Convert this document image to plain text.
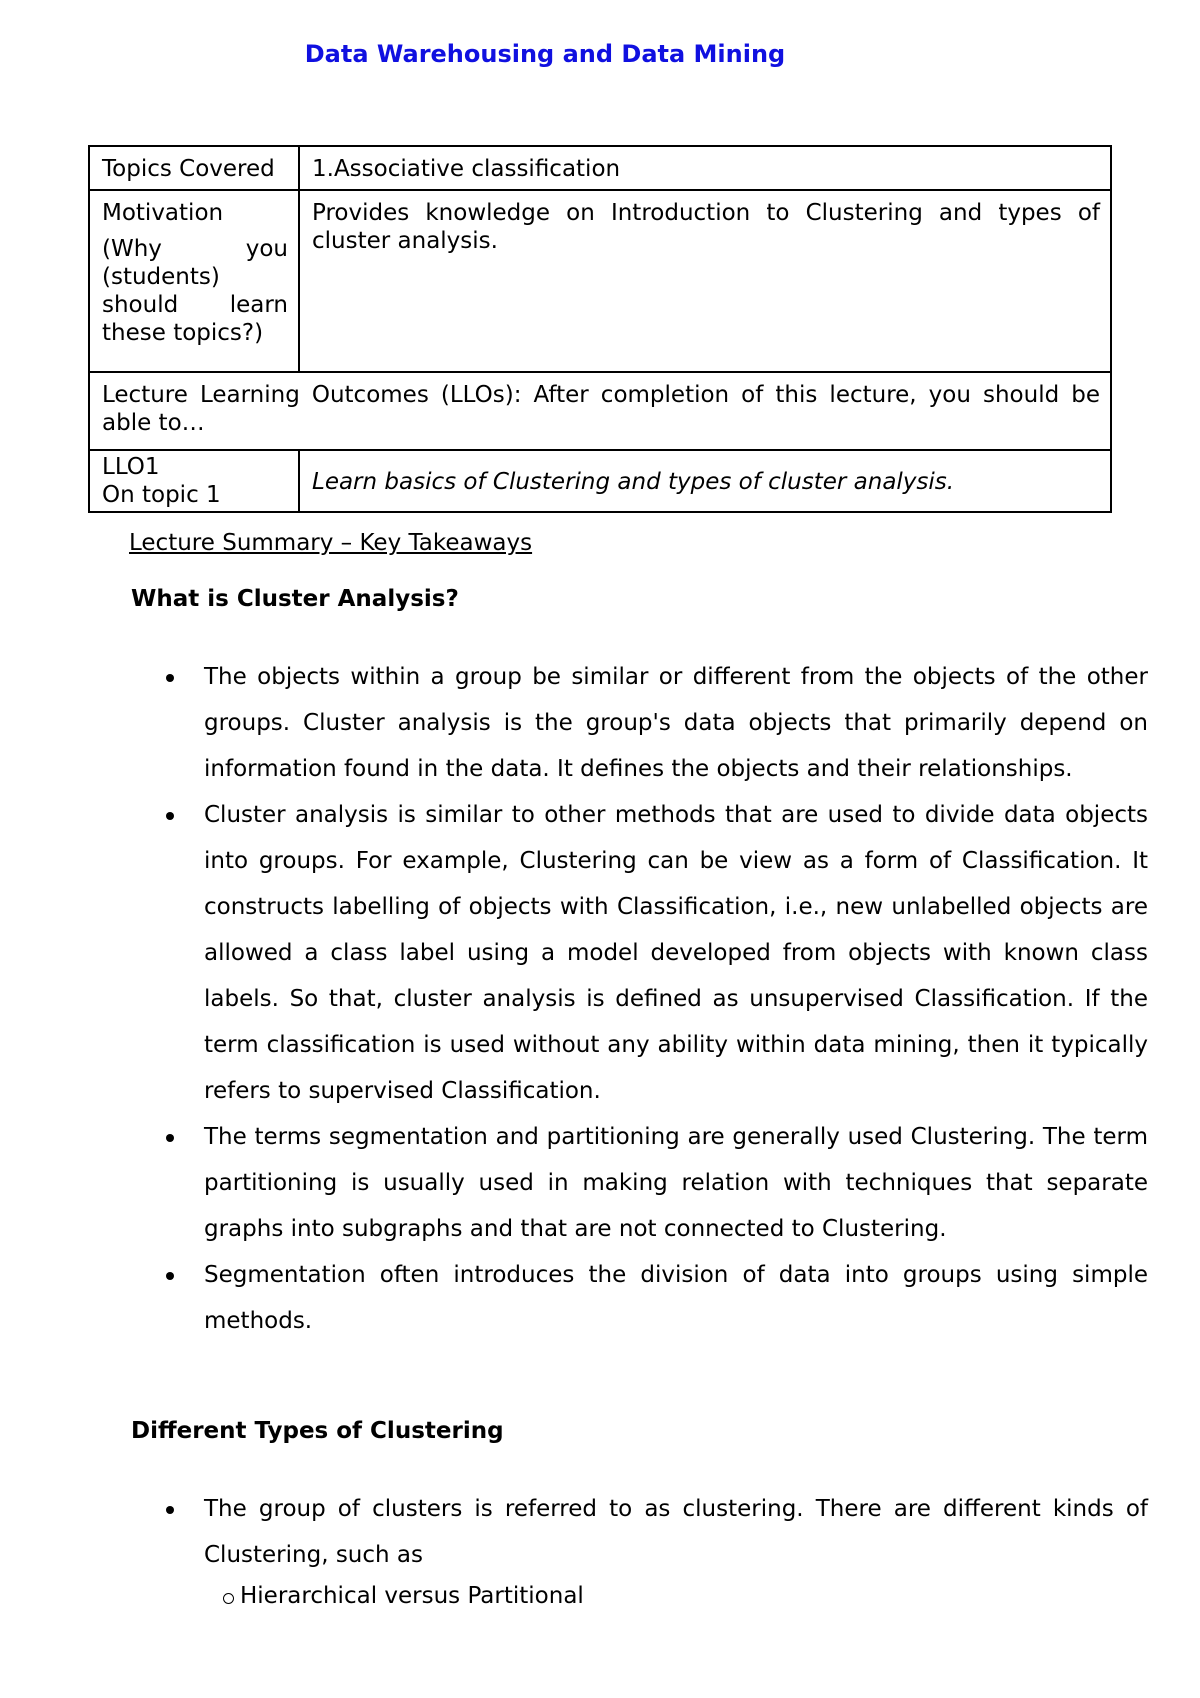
Data Warehousing and Data Mining
Topics Covered	1.Associative classification

Motivation
(Why you (students) should learn these topics?)	Provides knowledge on Introduction to Clustering and types of cluster analysis.
Lecture Learning Outcomes (LLOs): After completion of this lecture, you should be able to…	

LLO1
On topic 1	Learn basics of Clustering and types of cluster analysis.
Lecture Summary – Key Takeaways
What is Cluster Analysis?
The objects within a group be similar or different from the objects of the other groups. Cluster analysis is the group's data objects that primarily depend on information found in the data. It defines the objects and their relationships.
Cluster analysis is similar to other methods that are used to divide data objects into groups. For example, Clustering can be view as a form of Classification. It constructs labelling of objects with Classification, i.e., new unlabelled objects are allowed a class label using a model developed from objects with known class labels. So that, cluster analysis is defined as unsupervised Classification. If the term classification is used without any ability within data mining, then it typically refers to supervised Classification.
The terms segmentation and partitioning are generally used Clustering. The term partitioning is usually used in making relation with techniques that separate graphs into subgraphs and that are not connected to Clustering.
Segmentation often introduces the division of data into groups using simple methods.
Different Types of Clustering
The group of clusters is referred to as clustering. There are different kinds of Clustering, such as
Hierarchical versus Partitional
